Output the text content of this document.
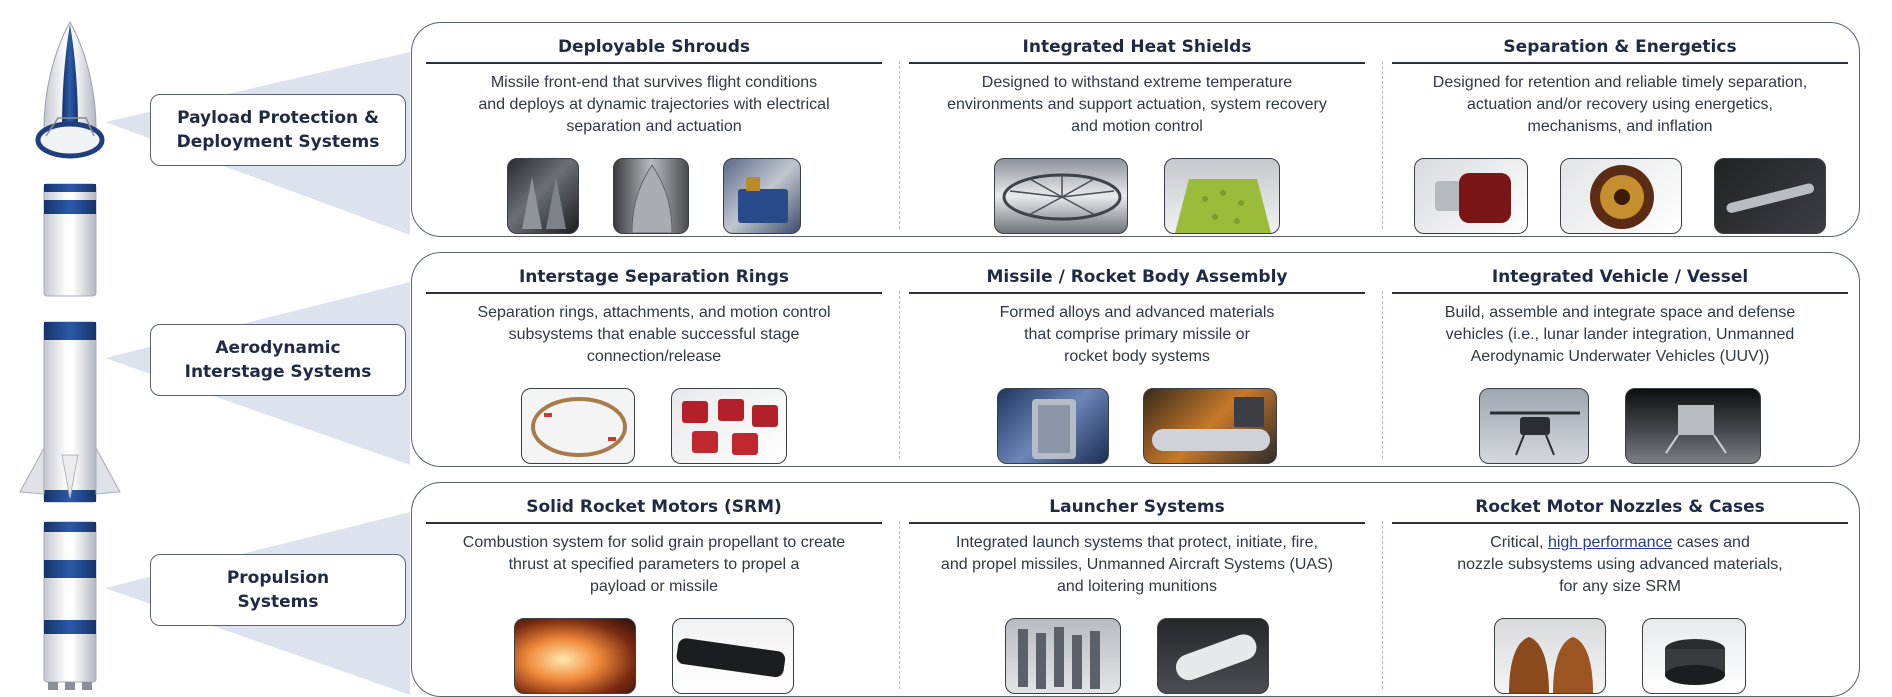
Payload Protection &
Deployment Systems
Aerodynamic
Interstage Systems
Propulsion
Systems
Deployable Shrouds
Missile front-end that survives flight conditions
and deploys at dynamic trajectories with electrical
separation and actuation
Integrated Heat Shields
Designed to withstand extreme temperature
environments and support actuation, system recovery
and motion control
Separation & Energetics
Designed for retention and reliable timely separation,
actuation and/or recovery using energetics,
mechanisms, and inflation
Interstage Separation Rings
Separation rings, attachments, and motion control
subsystems that enable successful stage
connection/release
Missile / Rocket Body Assembly
Formed alloys and advanced materials
that comprise primary missile or
rocket body systems
Integrated Vehicle / Vessel
Build, assemble and integrate space and defense
vehicles (i.e., lunar lander integration, Unmanned
Aerodynamic Underwater Vehicles (UUV))
Solid Rocket Motors (SRM)
Combustion system for solid grain propellant to create
thrust at specified parameters to propel a
payload or missile
Launcher Systems
Integrated launch systems that protect, initiate, fire,
and propel missiles, Unmanned Aircraft Systems (UAS)
and loitering munitions
Rocket Motor Nozzles & Cases
Critical, high performance cases and
nozzle subsystems using advanced materials,
for any size SRM
